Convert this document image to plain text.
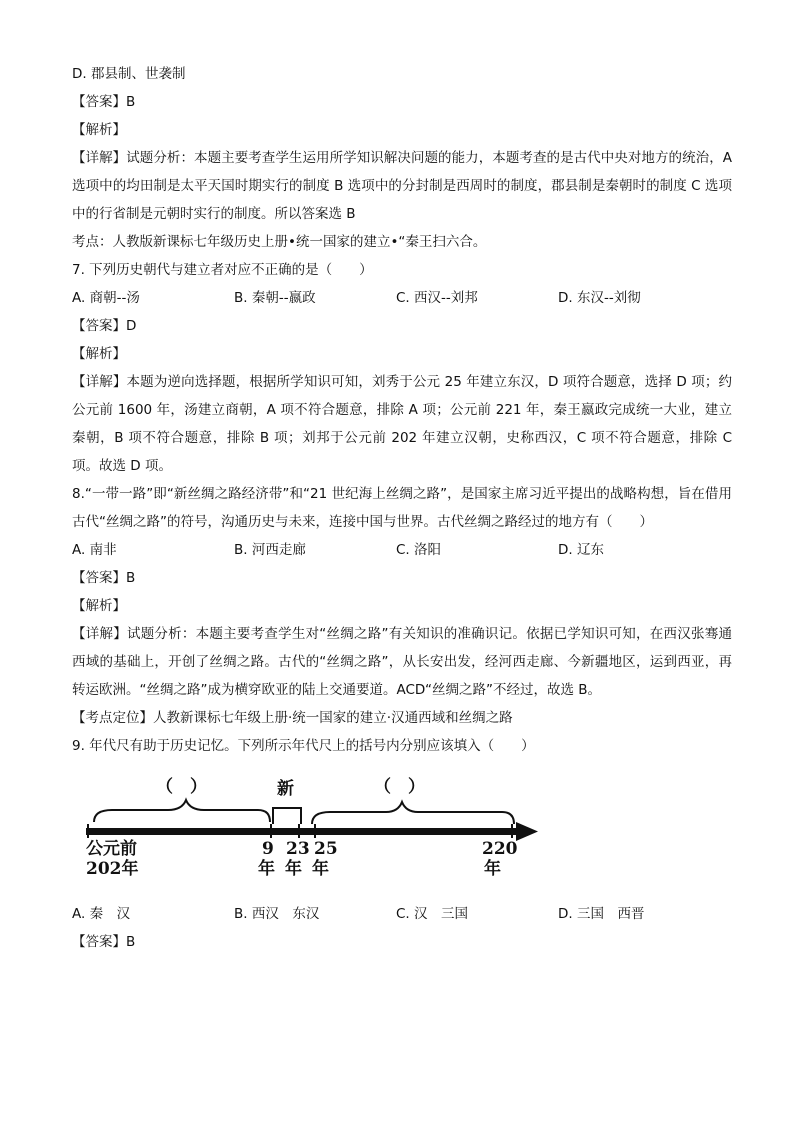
D. 郡县制、世袭制
【答案】B
【解析】
【详解】试题分析：本题主要考查学生运用所学知识解决问题的能力，本题考查的是古代中央对地方的统治，A 选项中的均田制是太平天国时期实行的制度 B 选项中的分封制是西周时的制度，郡县制是秦朝时的制度 C 选项中的行省制是元朝时实行的制度。所以答案选 B
考点：人教版新课标七年级历史上册•统一国家的建立•“秦王扫六合。
7. 下列历史朝代与建立者对应不正确的是（　　）
A. 商朝--汤	B. 秦朝--嬴政	C. 西汉--刘邦	D. 东汉--刘彻
【答案】D
【解析】
【详解】本题为逆向选择题，根据所学知识可知，刘秀于公元 25 年建立东汉，D 项符合题意，选择 D 项；约公元前 1600 年，汤建立商朝，A 项不符合题意，排除 A 项；公元前 221 年，秦王嬴政完成统一大业，建立秦朝，B 项不符合题意，排除 B 项；刘邦于公元前 202 年建立汉朝，史称西汉，C 项不符合题意，排除 C 项。故选 D 项。
8.“一带一路”即“新丝绸之路经济带”和“21 世纪海上丝绸之路”，是国家主席习近平提出的战略构想，旨在借用古代“丝绸之路”的符号，沟通历史与未来，连接中国与世界。古代丝绸之路经过的地方有（　　）
A. 南非	B. 河西走廊	C. 洛阳	D. 辽东
【答案】B
【解析】
【详解】试题分析：本题主要考查学生对“丝绸之路”有关知识的准确识记。依据已学知识可知，在西汉张骞通西域的基础上，开创了丝绸之路。古代的“丝绸之路”，从长安出发，经河西走廊、今新疆地区，运到西亚，再转运欧洲。“丝绸之路”成为横穿欧亚的陆上交通要道。ACD“丝绸之路”不经过，故选 B。
【考点定位】人教新课标七年级上册·统一国家的建立·汉通西域和丝绸之路
9. 年代尺有助于历史记忆。下列所示年代尺上的括号内分别应该填入（　　）
（　）	新	（　）
公元前
202年
9
年
23
年
25
年
220
年
A. 秦　汉	B. 西汉　东汉	C. 汉　三国	D. 三国　西晋
【答案】B
